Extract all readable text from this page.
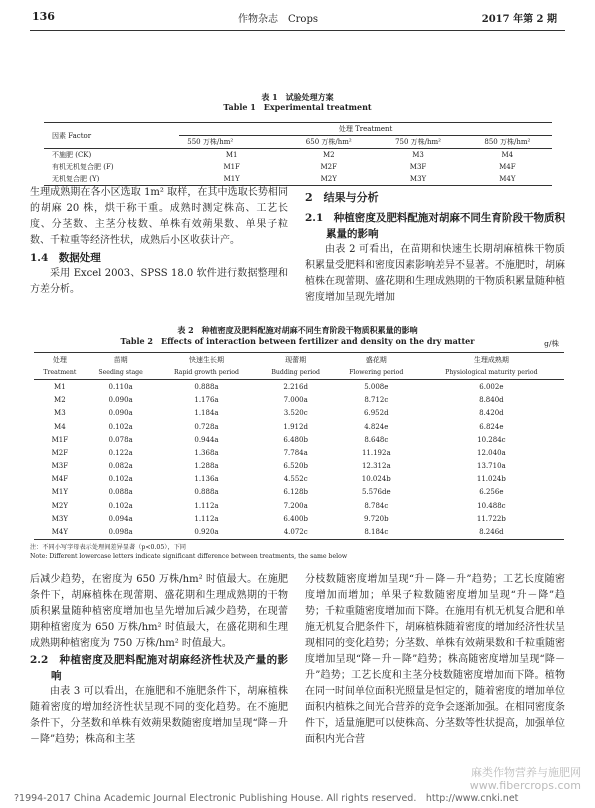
136	作物杂志　Crops	2017 年第 2 期
表 1　试验处理方案
Table 1　Experimental treatment
因素 Factor	处理 Treatment			
	550 万株/hm²	650 万株/hm²	750 万株/hm²	850 万株/hm²
不施肥 (CK)	M1	M2	M3	M4
有机无机复合肥 (F)	M1F	M2F	M3F	M4F
无机复合肥 (Y)	M1Y	M2Y	M3Y	M4Y

生理成熟期在各小区选取 1m² 取样，在其中选取长势相同的胡麻 20 株，烘干称干重。成熟时测定株高、工艺长度、分茎数、主茎分枝数、单株有效蒴果数、单果子粒数、千粒重等经济性状，成熟后小区收获计产。

1.4　数据处理

采用 Excel 2003、SPSS 18.0 软件进行数据整理和方差分析。

2　结果与分析

2.1　种植密度及肥料配施对胡麻不同生育阶段干物质积累量的影响

由表 2 可看出，在苗期和快速生长期胡麻植株干物质积累量受肥料和密度因素影响差异不显著。不施肥时，胡麻植株在现蕾期、盛花期和生理成熟期的干物质积累量随种植密度增加呈现先增加

表 2　种植密度及肥料配施对胡麻不同生育阶段干物质积累量的影响
Table 2　Effects of interaction between fertilizer and density on the dry matter	g/株
处理	苗期	快速生长期	现蕾期	盛花期	生理成熟期
Treatment	Seeding stage	Rapid growth period	Budding period	Flowering period	Physiological maturity period
M1	0.110a	0.888a	2.216d	5.008e	6.002e
M2	0.090a	1.176a	7.000a	8.712c	8.840d
M3	0.090a	1.184a	3.520c	6.952d	8.420d
M4	0.102a	0.728a	1.912d	4.824e	6.824e
M1F	0.078a	0.944a	6.480b	8.648c	10.284c
M2F	0.122a	1.368a	7.784a	11.192a	12.040a
M3F	0.082a	1.288a	6.520b	12.312a	13.710a
M4F	0.102a	1.136a	4.552c	10.024b	11.024b
M1Y	0.088a	0.888a	6.128b	5.576de	6.256e
M2Y	0.102a	1.112a	7.200a	8.784c	10.488c
M3Y	0.094a	1.112a	6.400b	9.720b	11.722b
M4Y	0.098a	0.920a	4.072c	8.184c	8.246d
注：不同小写字母表示处理间差异显著（p<0.05），下同
Note: Different lowercase letters indicate significant difference between treatments, the same below

后减少趋势，在密度为 650 万株/hm² 时值最大。在施肥条件下，胡麻植株在现蕾期、盛花期和生理成熟期的干物质积累量随种植密度增加也呈先增加后减少趋势，在现蕾期种植密度为 650 万株/hm² 时值最大，在盛花期和生理成熟期种植密度为 750 万株/hm² 时值最大。

2.2　种植密度及肥料配施对胡麻经济性状及产量的影响

由表 3 可以看出，在施肥和不施肥条件下，胡麻植株随着密度的增加经济性状呈现不同的变化趋势。在不施肥条件下，分茎数和单株有效蒴果数随密度增加呈现“降－升－降”趋势；株高和主茎

分枝数随密度增加呈现“升－降－升”趋势；工艺长度随密度增加而增加；单果子粒数随密度增加呈现“升－降”趋势；千粒重随密度增加而下降。在施用有机无机复合肥和单施无机复合肥条件下，胡麻植株随着密度的增加经济性状呈现相同的变化趋势；分茎数、单株有效蒴果数和千粒重随密度增加呈现“降－升－降”趋势；株高随密度增加呈现“降－升”趋势；工艺长度和主茎分枝数随密度增加而下降。植物在同一时间单位面积光照量是恒定的，随着密度的增加单位面积内植株之间光合营养的竞争会逐渐加强。在相同密度条件下，适量施肥可以使株高、分茎数等性状提高，加强单位面积内光合营

麻类作物营养与施肥网
www.fibercrops.com
?1994-2017 China Academic Journal Electronic Publishing House. All rights reserved.　http://www.cnki.net
